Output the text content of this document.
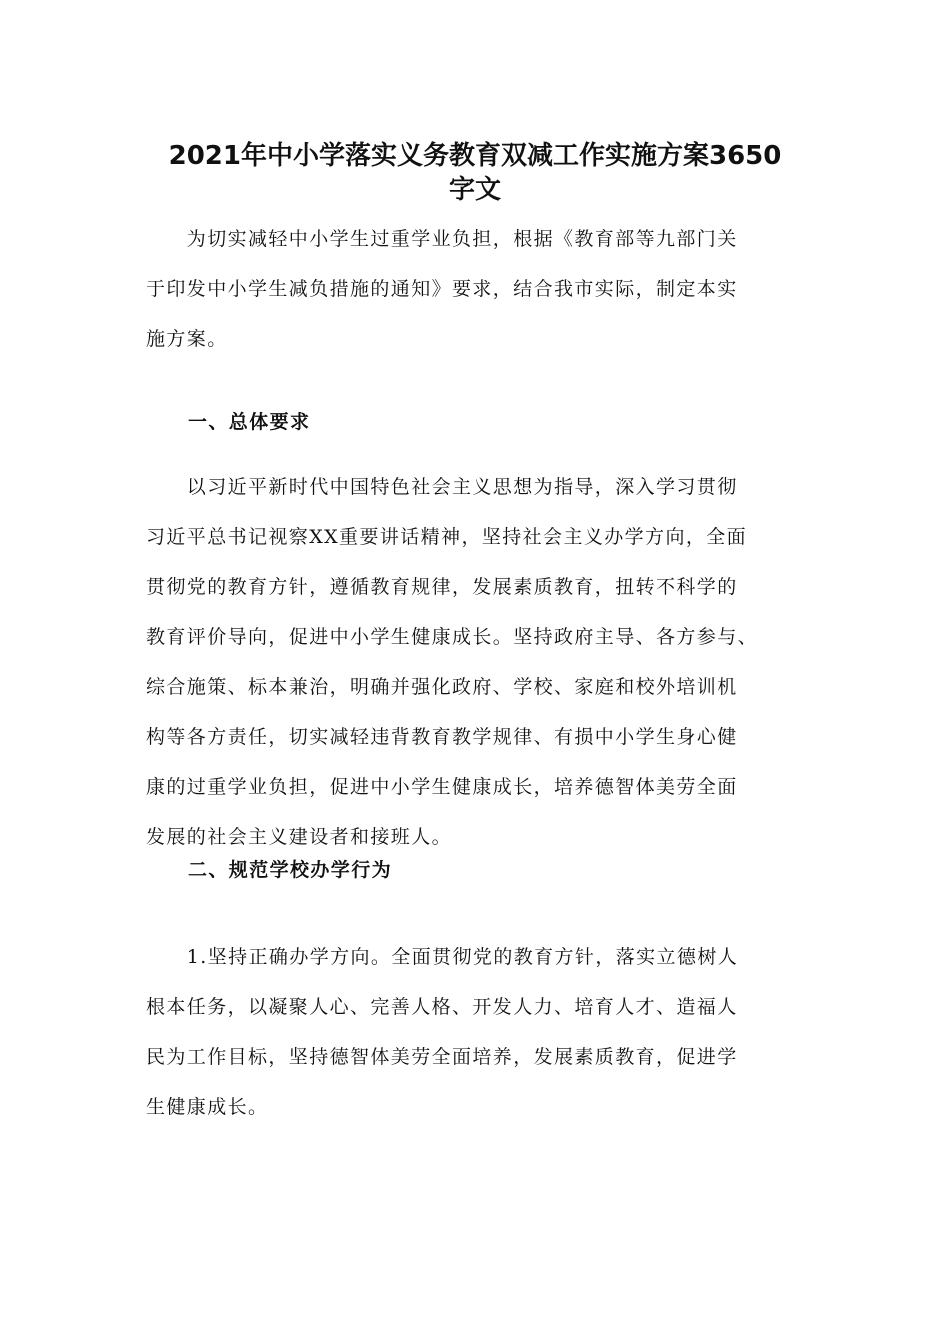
2021年中小学落实义务教育双减工作实施方案3650
字文

　　为切实减轻中小学生过重学业负担，根据《教育部等九部门关
于印发中小学生减负措施的通知》要求，结合我市实际，制定本实
施方案。

一、总体要求

　　以习近平新时代中国特色社会主义思想为指导，深入学习贯彻
习近平总书记视察XX重要讲话精神，坚持社会主义办学方向，全面
贯彻党的教育方针，遵循教育规律，发展素质教育，扭转不科学的
教育评价导向，促进中小学生健康成长。坚持政府主导、各方参与、
综合施策、标本兼治，明确并强化政府、学校、家庭和校外培训机
构等各方责任，切实减轻违背教育教学规律、有损中小学生身心健
康的过重学业负担，促进中小学生健康成长，培养德智体美劳全面
发展的社会主义建设者和接班人。

二、规范学校办学行为

　　1.坚持正确办学方向。全面贯彻党的教育方针，落实立德树人
根本任务，以凝聚人心、完善人格、开发人力、培育人才、造福人
民为工作目标，坚持德智体美劳全面培养，发展素质教育，促进学
生健康成长。
